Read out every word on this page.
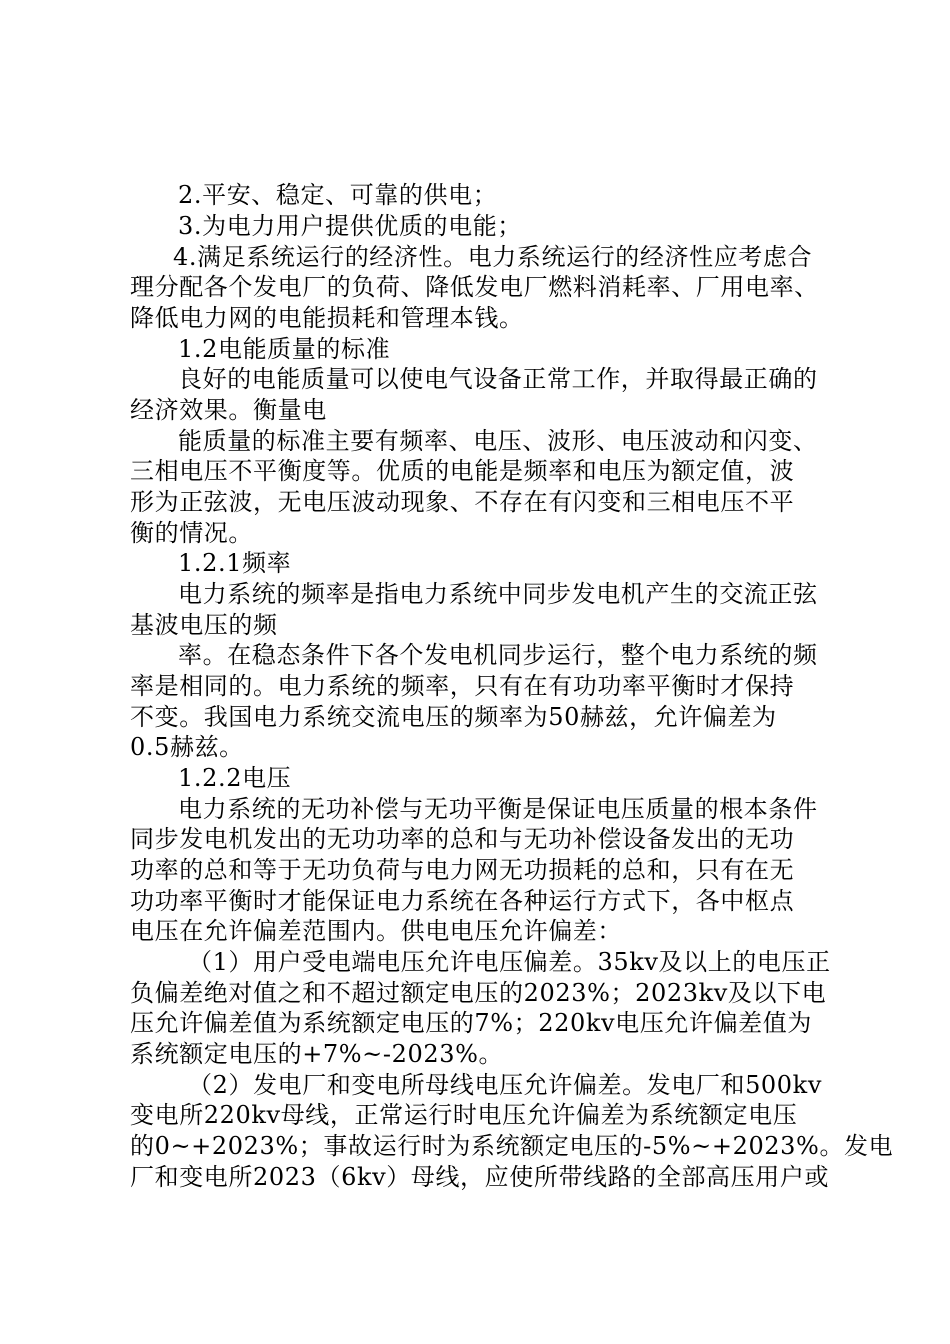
2.平安、稳定、可靠的供电；
3.为电力用户提供优质的电能；
4.满足系统运行的经济性。电力系统运行的经济性应考虑合
理分配各个发电厂的负荷、降低发电厂燃料消耗率、厂用电率、
降低电力网的电能损耗和管理本钱。
1.2电能质量的标准
良好的电能质量可以使电气设备正常工作，并取得最正确的
经济效果。衡量电
能质量的标准主要有频率、电压、波形、电压波动和闪变、
三相电压不平衡度等。优质的电能是频率和电压为额定值，波
形为正弦波，无电压波动现象、不存在有闪变和三相电压不平
衡的情况。
1.2.1频率
电力系统的频率是指电力系统中同步发电机产生的交流正弦
基波电压的频
率。在稳态条件下各个发电机同步运行，整个电力系统的频
率是相同的。电力系统的频率，只有在有功功率平衡时才保持
不变。我国电力系统交流电压的频率为50赫兹，允许偏差为
0.5赫兹。
1.2.2电压
电力系统的无功补偿与无功平衡是保证电压质量的根本条件
同步发电机发出的无功功率的总和与无功补偿设备发出的无功
功率的总和等于无功负荷与电力网无功损耗的总和，只有在无
功功率平衡时才能保证电力系统在各种运行方式下，各中枢点
电压在允许偏差范围内。供电电压允许偏差：
（1）用户受电端电压允许电压偏差。35kv及以上的电压正
负偏差绝对值之和不超过额定电压的2023%；2023kv及以下电
压允许偏差值为系统额定电压的7%；220kv电压允许偏差值为
系统额定电压的+7%~-2023%。
（2）发电厂和变电所母线电压允许偏差。发电厂和500kv
变电所220kv母线，正常运行时电压允许偏差为系统额定电压
的0~+2023%；事故运行时为系统额定电压的-5%~+2023%。发电
厂和变电所2023（6kv）母线，应使所带线路的全部高压用户或
